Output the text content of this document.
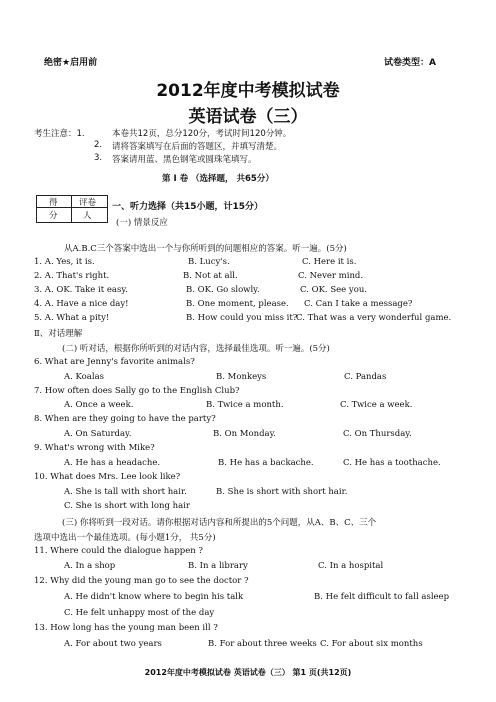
绝密★启用前	试卷类型：A
2012年度中考模拟试卷
英语试卷（三）
考生注意：1.	本卷共12页，总分120分，考试时间120分钟。
2. 请将答案填写在后面的答题区，并填写清楚。
3. 答案请用蓝、黑色钢笔或圆珠笔填写。
第 I 卷 （选择题， 共65分）
得
分
评卷
人
一、听力选择（共15小题，计15分）
(一) 情景反应
从A.B.C三个答案中选出一个与你所听到的问题相应的答案。听一遍。(5分)
1. A. Yes, it is.	B. Lucy's.	C. Here it is.
2. A. That's right.	B. Not at all.	C. Never mind.
3. A. OK. Take it easy.	B. OK. Go slowly.	C. OK. See you.
4. A. Have a nice day!	B. One moment, please. C. Can I take a message?
5. A. What a pity!	B. How could you miss it?
C. That was a very wonderful game.
Ⅱ、对话理解
(二) 听对话，根据你所听到的对话内容，选择最佳选项。听一遍。(5分)
6. What are Jenny's favorite animals?
A. Koalas	B. Monkeys	C. Pandas
7. How often does Sally go to the English Club?
A. Once a week.	B. Twice a month.	C. Twice a week.
8. When are they going to have the party?
A. On Saturday.	B. On Monday.	C. On Thursday.
9. What's wrong with Mike?
A. He has a headache.	B. He has a backache.	C. He has a toothache.
10. What does Mrs. Lee look like?
A. She is tall with short hair.	B. She is short with short hair.
C. She is short with long hair
(三) 你将听到一段对话。请你根据对话内容和所提出的5个问题，从A、B、C、三个
选项中选出一个最佳选项。(每小题1分， 共5分)
11. Where could the dialogue happen ?
A. In a shop	B. In a library	C. In a hospital
12. Why did the young man go to see the doctor ?
A. He didn't know where to begin his talk	B. He felt difficult to fall asleep
C. He felt unhappy most of the day
13. How long has the young man been ill ?
A. For about two years	B. For about three weeks C. For about six months
2012年度中考模拟试卷 英语试卷（三） 第1 页(共12页)
